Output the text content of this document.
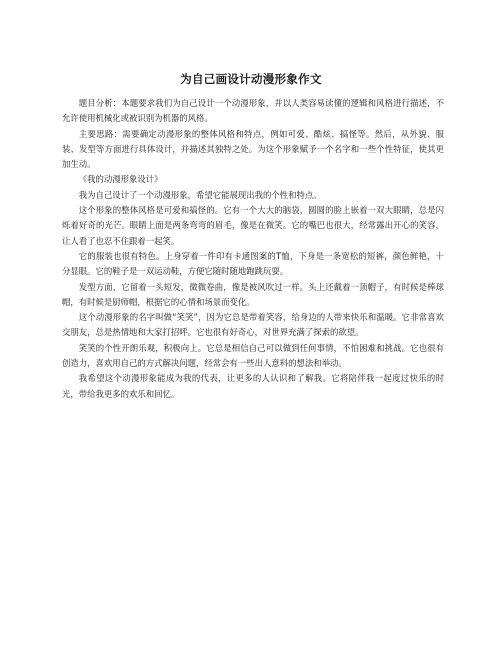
为自己画设计动漫形象作文

题目分析：本题要求我们为自己设计一个动漫形象，并以人类容易读懂的逻辑和风格进行描述，不允许使用机械化或被识别为机器的风格。

主要思路：需要确定动漫形象的整体风格和特点，例如可爱、酷炫、搞怪等。然后，从外貌、服装、发型等方面进行具体设计，并描述其独特之处。为这个形象赋予一个名字和一些个性特征，使其更加生动。

《我的动漫形象设计》

我为自己设计了一个动漫形象，希望它能展现出我的个性和特点。

这个形象的整体风格是可爱和搞怪的。它有一个大大的脑袋，圆圆的脸上嵌着一双大眼睛，总是闪烁着好奇的光芒。眼睛上面是两条弯弯的眉毛，像是在微笑。它的嘴巴也很大，经常露出开心的笑容，让人看了也忍不住跟着一起笑。

它的服装也很有特色。上身穿着一件印有卡通图案的T恤，下身是一条宽松的短裤，颜色鲜艳，十分显眼。它的鞋子是一双运动鞋，方便它随时随地跑跳玩耍。

发型方面，它留着一头短发，微微卷曲，像是被风吹过一样。头上还戴着一顶帽子，有时候是棒球帽，有时候是厨师帽，根据它的心情和场景而变化。

这个动漫形象的名字叫做“笑笑”，因为它总是带着笑容，给身边的人带来快乐和温暖。它非常喜欢交朋友，总是热情地和大家打招呼。它也很有好奇心，对世界充满了探索的欲望。

笑笑的个性开朗乐观，积极向上。它总是相信自己可以做到任何事情，不怕困难和挑战。它也很有创造力，喜欢用自己的方式解决问题，经常会有一些出人意料的想法和举动。

我希望这个动漫形象能成为我的代表，让更多的人认识和了解我。它将陪伴我一起度过快乐的时光，带给我更多的欢乐和回忆。
